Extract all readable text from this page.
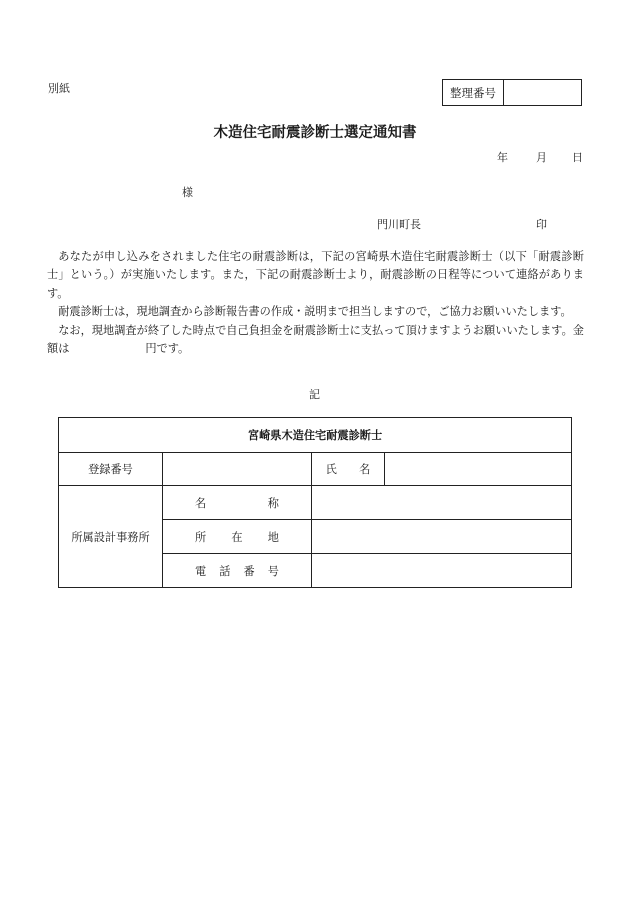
別紙	整理番号
木造住宅耐震診断士選定通知書
年	月 日
様
門川町長	印

あなたが申し込みをされました住宅の耐震診断は，下記の宮崎県木造住宅耐震診断士（以下「耐震診断士」という。）が実施いたします。また，下記の耐震診断士より，耐震診断の日程等について連絡があります。

耐震診断士は，現地調査から診断報告書の作成・説明まで担当しますので，ご協力お願いいたします。

なお，現地調査が終了した時点で自己負担金を耐震診断士に支払って頂けますようお願いいたします。金額は	円です。

記
宮崎県木造住宅耐震診断士			
登録番号		氏　　名	
所属設計事務所	名 称		

	所 在 地		

	電 話 番 号		
